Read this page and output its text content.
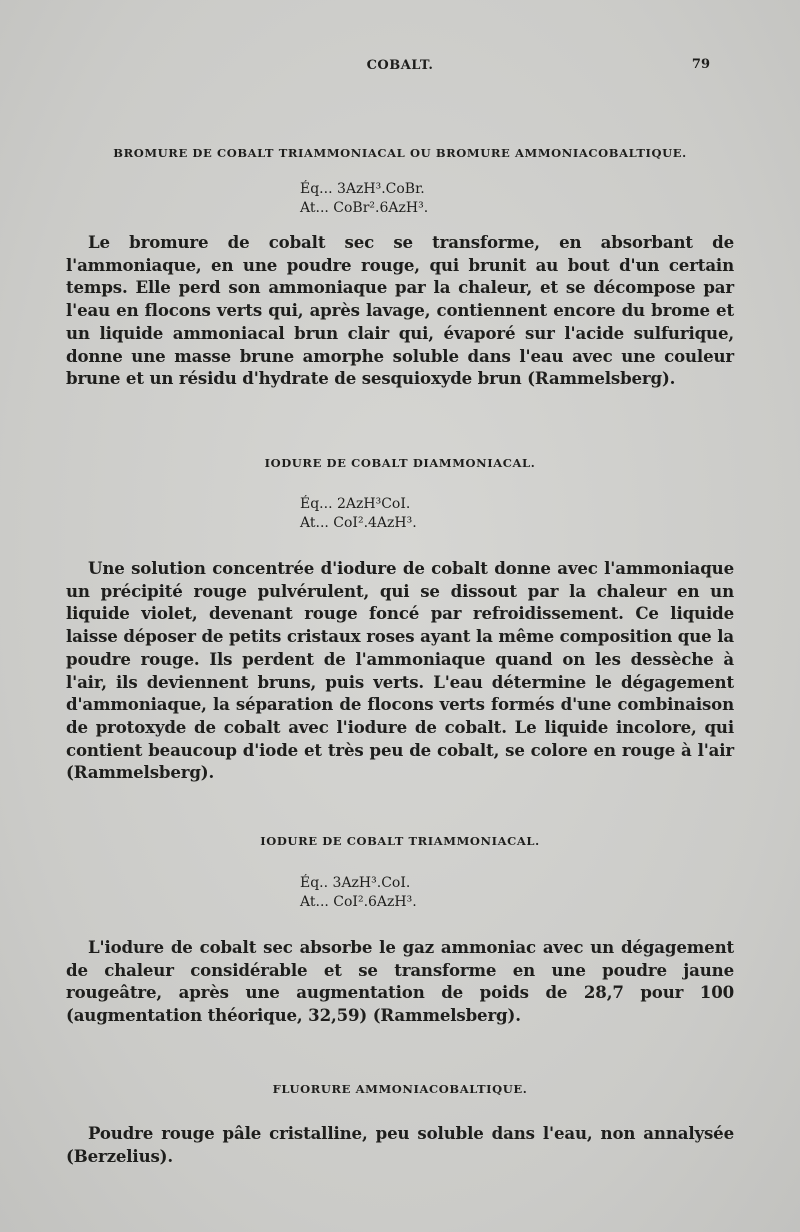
COBALT.	79
BROMURE DE COBALT TRIAMMONIACAL OU BROMURE AMMONIACOBALTIQUE.
Éq... 3AzH³.CoBr.
At... CoBr².6AzH³.

Le bromure de cobalt sec se transforme, en absorbant de l'ammoniaque, en une poudre rouge, qui brunit au bout d'un certain temps. Elle perd son ammoniaque par la chaleur, et se décompose par l'eau en flocons verts qui, après lavage, contiennent encore du brome et un liquide ammoniacal brun clair qui, évaporé sur l'acide sulfurique, donne une masse brune amorphe soluble dans l'eau avec une couleur brune et un résidu d'hydrate de sesquioxyde brun (Rammelsberg).

IODURE DE COBALT DIAMMONIACAL.
Éq... 2AzH³CoI.
At... CoI².4AzH³.

Une solution concentrée d'iodure de cobalt donne avec l'ammoniaque un précipité rouge pulvérulent, qui se dissout par la chaleur en un liquide violet, devenant rouge foncé par refroidissement. Ce liquide laisse déposer de petits cristaux roses ayant la même composition que la poudre rouge. Ils perdent de l'ammoniaque quand on les dessèche à l'air, ils deviennent bruns, puis verts. L'eau détermine le dégagement d'ammoniaque, la séparation de flocons verts formés d'une combinaison de protoxyde de cobalt avec l'iodure de cobalt. Le liquide incolore, qui contient beaucoup d'iode et très peu de cobalt, se colore en rouge à l'air (Rammelsberg).

IODURE DE COBALT TRIAMMONIACAL.
Éq.. 3AzH³.CoI.
At... CoI².6AzH³.

L'iodure de cobalt sec absorbe le gaz ammoniac avec un dégagement de chaleur considérable et se transforme en une poudre jaune rougeâtre, après une augmentation de poids de 28,7 pour 100 (augmentation théorique, 32,59) (Rammelsberg).

FLUORURE AMMONIACOBALTIQUE.

Poudre rouge pâle cristalline, peu soluble dans l'eau, non annalysée (Berzelius).
